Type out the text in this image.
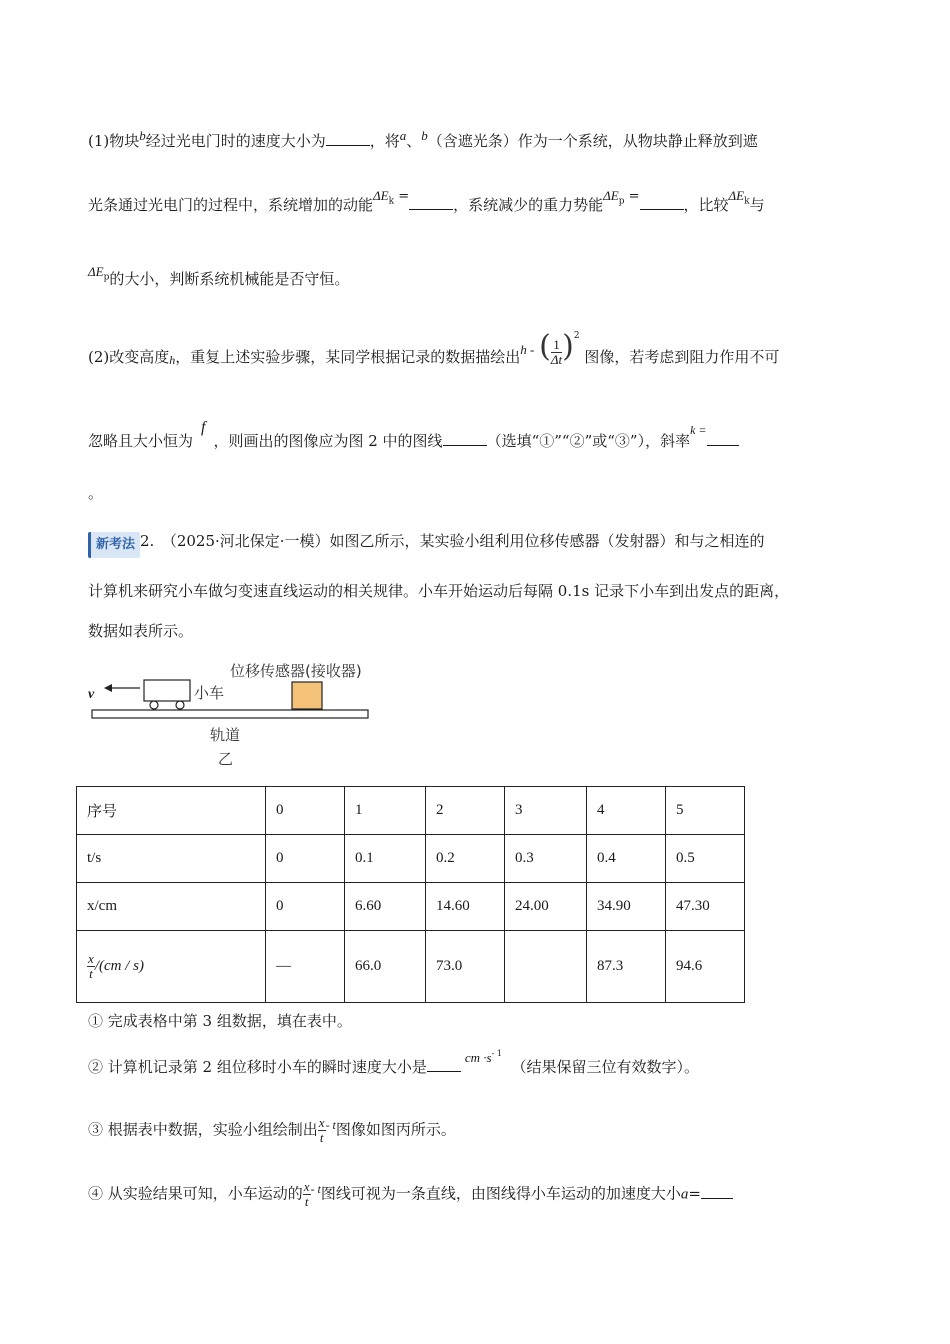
(1)物块b经过光电门时的速度大小为	，将a、b（含遮光条）作为一个系统，从物块静止释放到遮
光条通过光电门的过程中，系统增加的动能$\Delta E_k$ =	，系统减少的重力势能$\Delta E_p$ =	，比较$\Delta E_k$与
$\Delta E_p$的大小，判断系统机械能是否守恒。
(2)改变高度h，重复上述实验步骤，某同学根据记录的数据描绘出h - ( $\frac{1}{\Delta t} )^2$ 图像，若考虑到阻力作用不可
忽略且大小恒为f，则画出的图像应为图 2 中的图线	（选填“①”“②”或“③”），斜率$^{k =}$
。
新考法 2.　（2025·河北保定·一模）如图乙所示，某实验小组利用位移传感器（发射器）和与之相连的
计算机来研究小车做匀变速直线运动的相关规律。小车开始运动后每隔 0.1s 记录下小车到出发点的距离，
数据如表所示。
位移传感器(接收器)
v	小车
轨道
乙
序号	0	1	2	3	4	5
t/s	0	0.1	0.2	0.3	0.4	0.5
x/cm	0	6.60	14.60	24.00	34.90	47.30

$\frac{x}{t} /(cm / s)$	—	66.0	73.0		87.3	94.6
① 完成表格中第 3 组数据，填在表中。
② 计算机记录第 2 组位移时小车的瞬时速度大小是cm $\cdot s^{- 1}$  （结果保留三位有效数字）。
③ 根据表中数据，实验小组绘制出 $\frac{x}{t} ^{- t}$图像如图丙所示。
④ 从实验结果可知，小车运动的 $\frac{x}{t} ^{- t}$图线可视为一条直线，由图线得小车运动的加速度大小a=
